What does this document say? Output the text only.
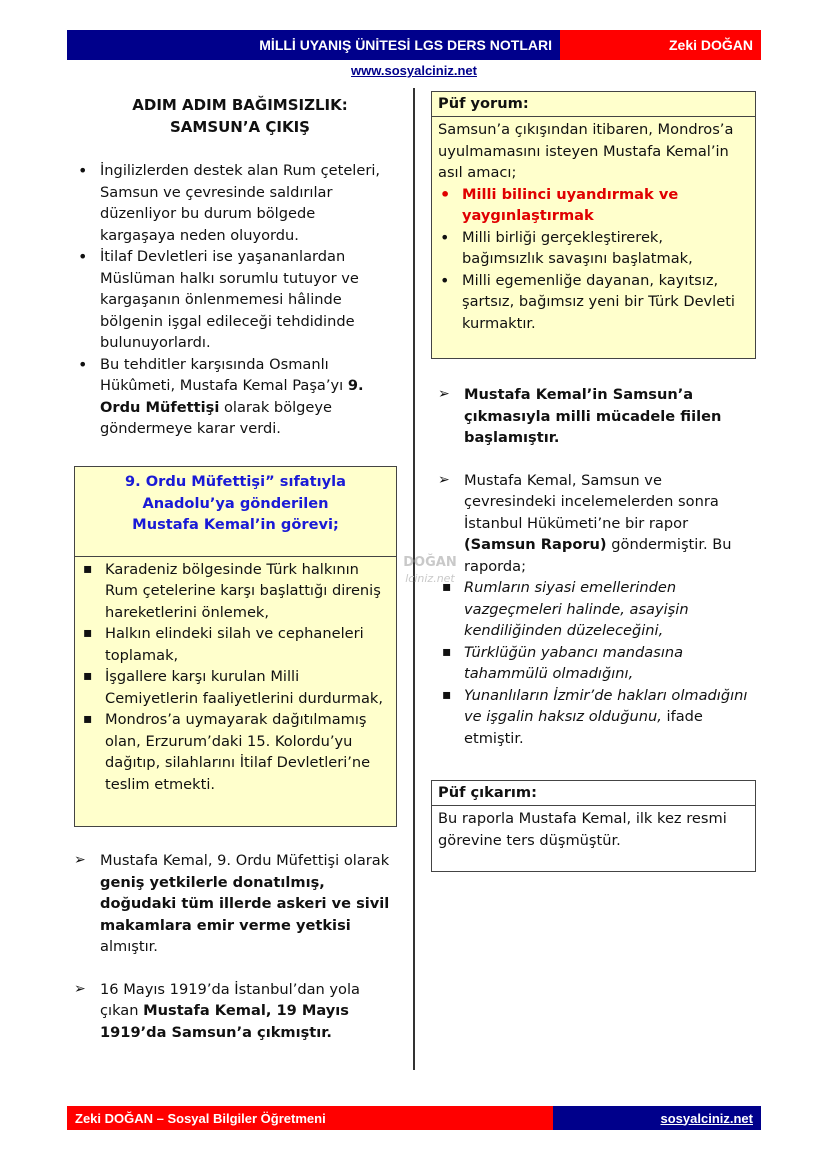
MİLLİ UYANIŞ ÜNİTESİ LGS DERS NOTLARI	Zeki DOĞAN
www.sosyalciniz.net
DOĞAN
lciniz.net
ADIM ADIM BAĞIMSIZLIK:
SAMSUN’A ÇIKIŞ
• İngilizlerden destek alan Rum çeteleri, Samsun ve çevresinde saldırılar düzenliyor bu durum bölgede kargaşaya neden oluyordu.
• İtilaf Devletleri ise yaşananlardan Müslüman halkı sorumlu tutuyor ve kargaşanın önlenmemesi hâlinde bölgenin işgal edileceği tehdidinde bulunuyorlardı.
• Bu tehditler karşısında Osmanlı Hükûmeti, Mustafa Kemal Paşa’yı 9. Ordu Müfettişi olarak bölgeye göndermeye karar verdi.
9. Ordu Müfettişi” sıfatıyla
Anadolu’ya gönderilen
Mustafa Kemal’in görevi;
▪ Karadeniz bölgesinde Türk halkının Rum çetelerine karşı başlattığı direniş hareketlerini önlemek,
▪ Halkın elindeki silah ve cephaneleri toplamak,
▪ İşgallere karşı kurulan Milli Cemiyetlerin faaliyetlerini durdurmak,
▪ Mondros’a uymayarak dağıtılmamış olan, Erzurum’daki 15. Kolordu’yu dağıtıp, silahlarını İtilaf Devletleri’ne teslim etmekti.
➢ Mustafa Kemal, 9. Ordu Müfettişi olarak geniş yetkilerle donatılmış, doğudaki tüm illerde askeri ve sivil makamlara emir verme yetkisi almıştır.
➢ 16 Mayıs 1919’da İstanbul’dan yola çıkan Mustafa Kemal, 19 Mayıs 1919’da Samsun’a çıkmıştır.
Püf yorum:
Samsun’a çıkışından itibaren, Mondros’a uyulmamasını isteyen Mustafa Kemal’in asıl amacı;
• Milli bilinci uyandırmak ve yaygınlaştırmak
• Milli birliği gerçekleştirerek, bağımsızlık savaşını başlatmak,
• Milli egemenliğe dayanan, kayıtsız, şartsız, bağımsız yeni bir Türk Devleti kurmaktır.
➢ Mustafa Kemal’in Samsun’a çıkmasıyla milli mücadele fiilen başlamıştır.
➢ Mustafa Kemal, Samsun ve çevresindeki incelemelerden sonra İstanbul Hükümeti’ne bir rapor (Samsun Raporu) göndermiştir. Bu raporda;
▪ Rumların siyasi emellerinden vazgeçmeleri halinde, asayişin kendiliğinden düzeleceğini,
▪ Türklüğün yabancı mandasına tahammülü olmadığını,
▪ Yunanlıların İzmir’de hakları olmadığını ve işgalin haksız olduğunu, ifade etmiştir.
Püf çıkarım:
Bu raporla Mustafa Kemal, ilk kez resmi görevine ters düşmüştür.
Zeki DOĞAN – Sosyal Bilgiler Öğretmeni	sosyalciniz.net
